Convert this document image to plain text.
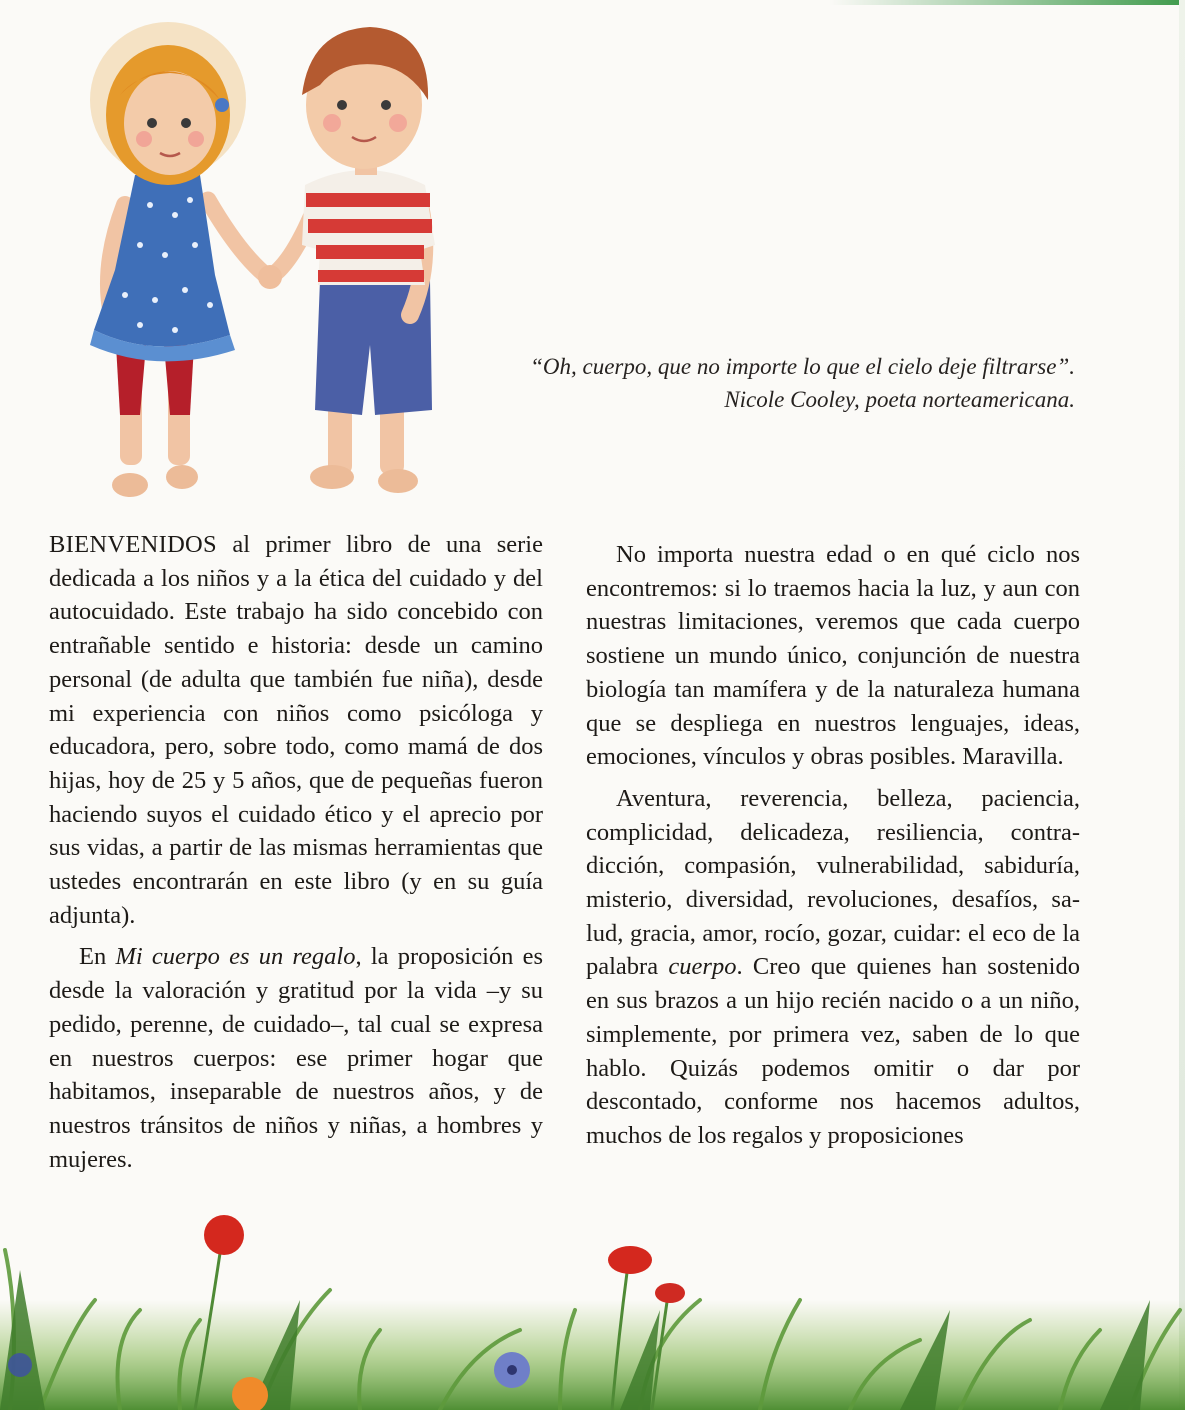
“Oh, cuerpo, que no importe lo que el cielo deje filtrarse”.

Nicole Cooley, poeta norteamericana.

BIENVENIDOS al primer libro de una serie dedicada a los niños y a la ética del cuidado y del autocuidado. Este trabajo ha sido concebido con entrañable sentido e historia: desde un camino personal (de adulta que también fue niña), desde mi experiencia con niños como psicóloga y educadora, pero, sobre todo, como mamá de dos hijas, hoy de 25 y 5 años, que de pequeñas fueron haciendo suyos el cuidado ético y el aprecio por sus vidas, a partir de las mismas herramientas que ustedes encontrarán en este libro (y en su guía adjunta).

En Mi cuerpo es un regalo, la proposición es desde la valoración y gratitud por la vida –y su pedido, perenne, de cuidado–, tal cual se expresa en nuestros cuerpos: ese primer hogar que habitamos, inseparable de nuestros años, y de nuestros tránsitos de niños y niñas, a hombres y mujeres.

No importa nuestra edad o en qué ciclo nos encontremos: si lo traemos hacia la luz, y aun con nuestras limitaciones, veremos que cada cuerpo sostiene un mundo único, conjunción de nuestra biología tan mamífera y de la naturaleza humana que se despliega en nuestros lenguajes, ideas, emociones, vínculos y obras posibles. Maravilla.

Aventura, reverencia, belleza, paciencia, complicidad, delicadeza, resiliencia, contradicción, compasión, vulnerabilidad, sabiduría, misterio, diversidad, revoluciones, desafíos, salud, gracia, amor, rocío, gozar, cuidar: el eco de la palabra cuerpo. Creo que quienes han sostenido en sus brazos a un hijo recién nacido o a un niño, simplemente, por primera vez, saben de lo que hablo. Quizás podemos omitir o dar por descontado, conforme nos hacemos adultos, muchos de los regalos y proposiciones
